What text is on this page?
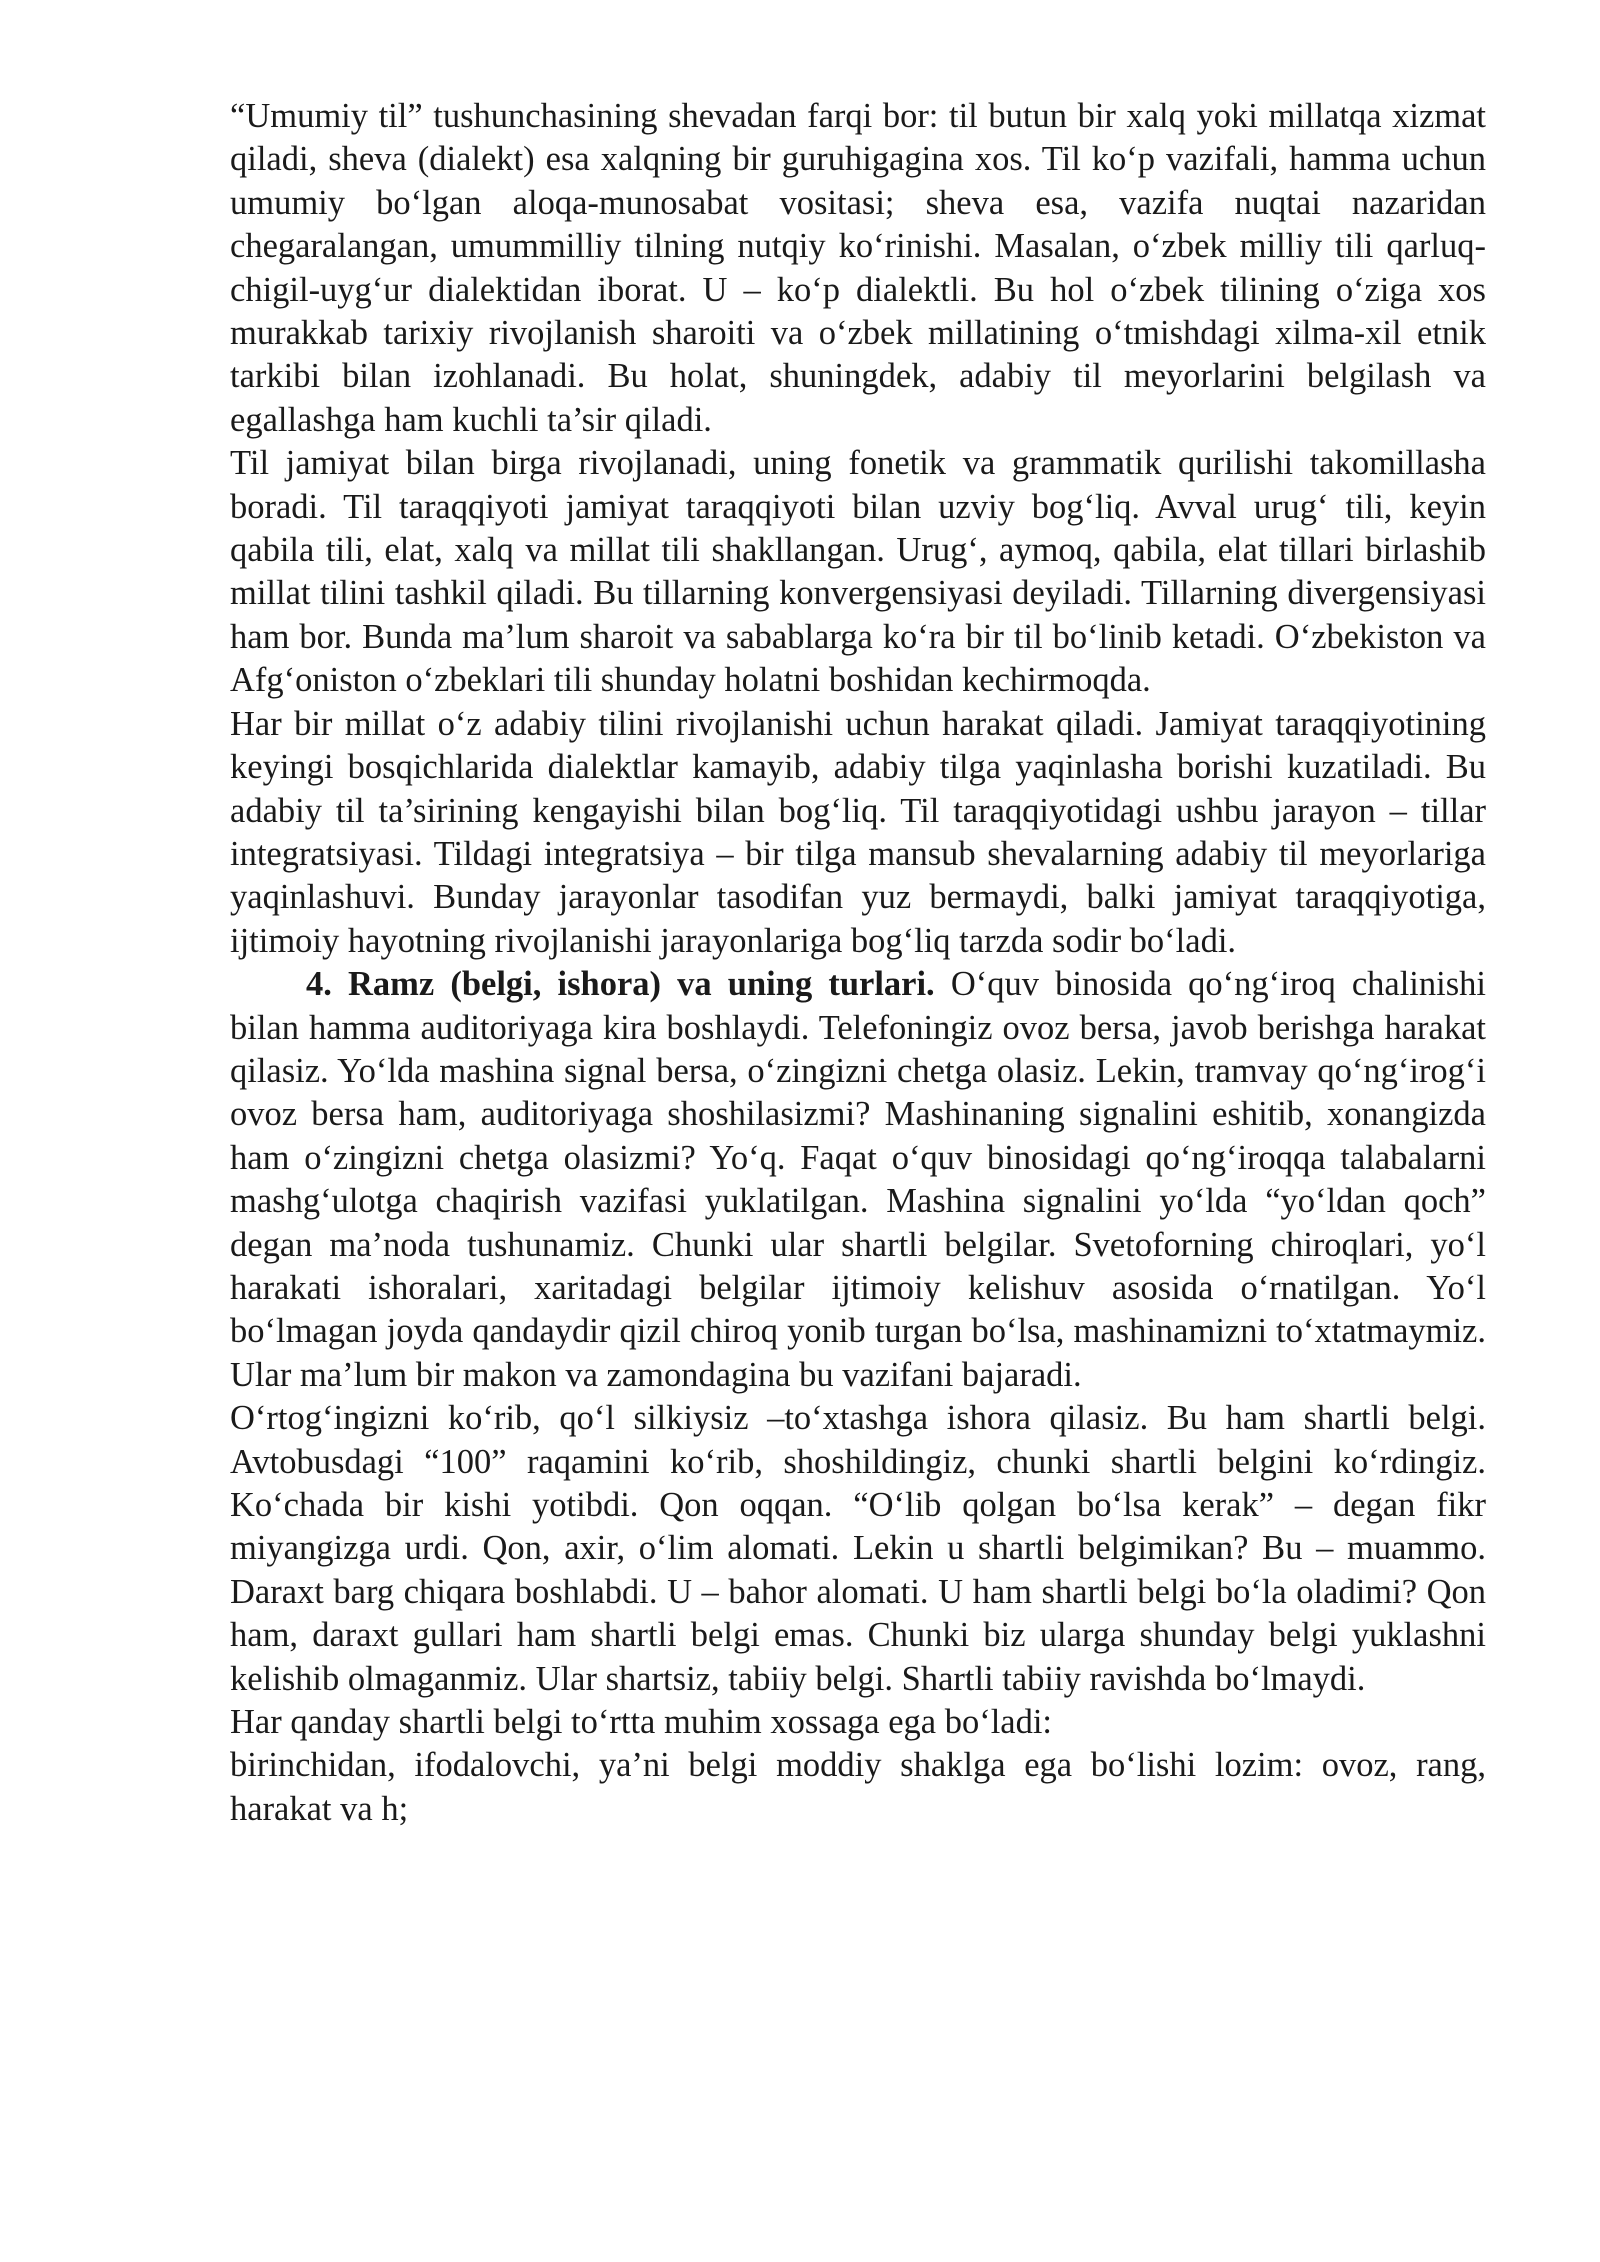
“Umumiy til” tushunchasining shevadan farqi bor: til butun bir xalq yoki millatqa xizmat qiladi, sheva (dialekt) esa xalqning bir guruhigagina xos. Til ko‘p vazifali, hamma uchun umumiy bo‘lgan aloqa-munosabat vositasi; sheva esa, vazifa nuqtai nazaridan chegaralangan, umummilliy tilning nutqiy ko‘rinishi. Masalan, o‘zbek milliy tili qarluq-chigil-uyg‘ur dialektidan iborat. U – ko‘p dialektli. Bu hol o‘zbek tilining o‘ziga xos murakkab tarixiy rivojlanish sharoiti va o‘zbek millatining o‘tmishdagi xilma-xil etnik tarkibi bilan izohlanadi. Bu holat, shuningdek, adabiy til meyorlarini belgilash va egallashga ham kuchli ta’sir qiladi.

Til jamiyat bilan birga rivojlanadi, uning fonetik va grammatik qurilishi takomillasha boradi. Til taraqqiyoti jamiyat taraqqiyoti bilan uzviy bog‘liq. Avval urug‘ tili, keyin qabila tili, elat, xalq va millat tili shakllangan. Urug‘, aymoq, qabila, elat tillari birlashib millat tilini tashkil qiladi. Bu tillarning konvergensiyasi deyiladi. Tillarning divergensiyasi ham bor. Bunda ma’lum sharoit va sabablarga ko‘ra bir til bo‘linib ketadi. O‘zbekiston va Afg‘oniston o‘zbeklari tili shunday holatni boshidan kechirmoqda.

Har bir millat o‘z adabiy tilini rivojlanishi uchun harakat qiladi. Jamiyat taraqqiyotining keyingi bosqichlarida dialektlar kamayib, adabiy tilga yaqinlasha borishi kuzatiladi. Bu adabiy til ta’sirining kengayishi bilan bog‘liq. Til taraqqiyotidagi ushbu jarayon – tillar integratsiyasi. Tildagi integratsiya – bir tilga mansub shevalarning adabiy til meyorlariga yaqinlashuvi. Bunday jarayonlar tasodifan yuz bermaydi, balki jamiyat taraqqiyotiga, ijtimoiy hayotning rivojlanishi jarayonlariga bog‘liq tarzda sodir bo‘ladi.

4. Ramz (belgi, ishora) va uning turlari. O‘quv binosida qo‘ng‘iroq chalinishi bilan hamma auditoriyaga kira boshlaydi. Telefoningiz ovoz bersa, javob berishga harakat qilasiz. Yo‘lda mashina signal bersa, o‘zingizni chetga olasiz. Lekin, tramvay qo‘ng‘irog‘i ovoz bersa ham, auditoriyaga shoshilasizmi? Mashinaning signalini eshitib, xonangizda ham o‘zingizni chetga olasizmi? Yo‘q. Faqat o‘quv binosidagi qo‘ng‘iroqqa talabalarni mashg‘ulotga chaqirish vazifasi yuklatilgan. Mashina signalini yo‘lda “yo‘ldan qoch” degan ma’noda tushunamiz. Chunki ular shartli belgilar. Svetoforning chiroqlari, yo‘l harakati ishoralari, xaritadagi belgilar ijtimoiy kelishuv asosida o‘rnatilgan. Yo‘l bo‘lmagan joyda qandaydir qizil chiroq yonib turgan bo‘lsa, mashinamizni to‘xtatmaymiz. Ular ma’lum bir makon va zamondagina bu vazifani bajaradi.

O‘rtog‘ingizni ko‘rib, qo‘l silkiysiz –to‘xtashga ishora qilasiz. Bu ham shartli belgi. Avtobusdagi “100” raqamini ko‘rib, shoshildingiz, chunki shartli belgini ko‘rdingiz. Ko‘chada bir kishi yotibdi. Qon oqqan. “O‘lib qolgan bo‘lsa kerak” – degan fikr miyangizga urdi. Qon, axir, o‘lim alomati. Lekin u shartli belgimikan? Bu – muammo. Daraxt barg chiqara boshlabdi. U – bahor alomati. U ham shartli belgi bo‘la oladimi? Qon ham, daraxt gullari ham shartli belgi emas. Chunki biz ularga shunday belgi yuklashni kelishib olmaganmiz. Ular shartsiz, tabiiy belgi. Shartli tabiiy ravishda bo‘lmaydi.

Har qanday shartli belgi to‘rtta muhim xossaga ega bo‘ladi:

birinchidan, ifodalovchi, ya’ni belgi moddiy shaklga ega bo‘lishi lozim: ovoz, rang, harakat va h;
